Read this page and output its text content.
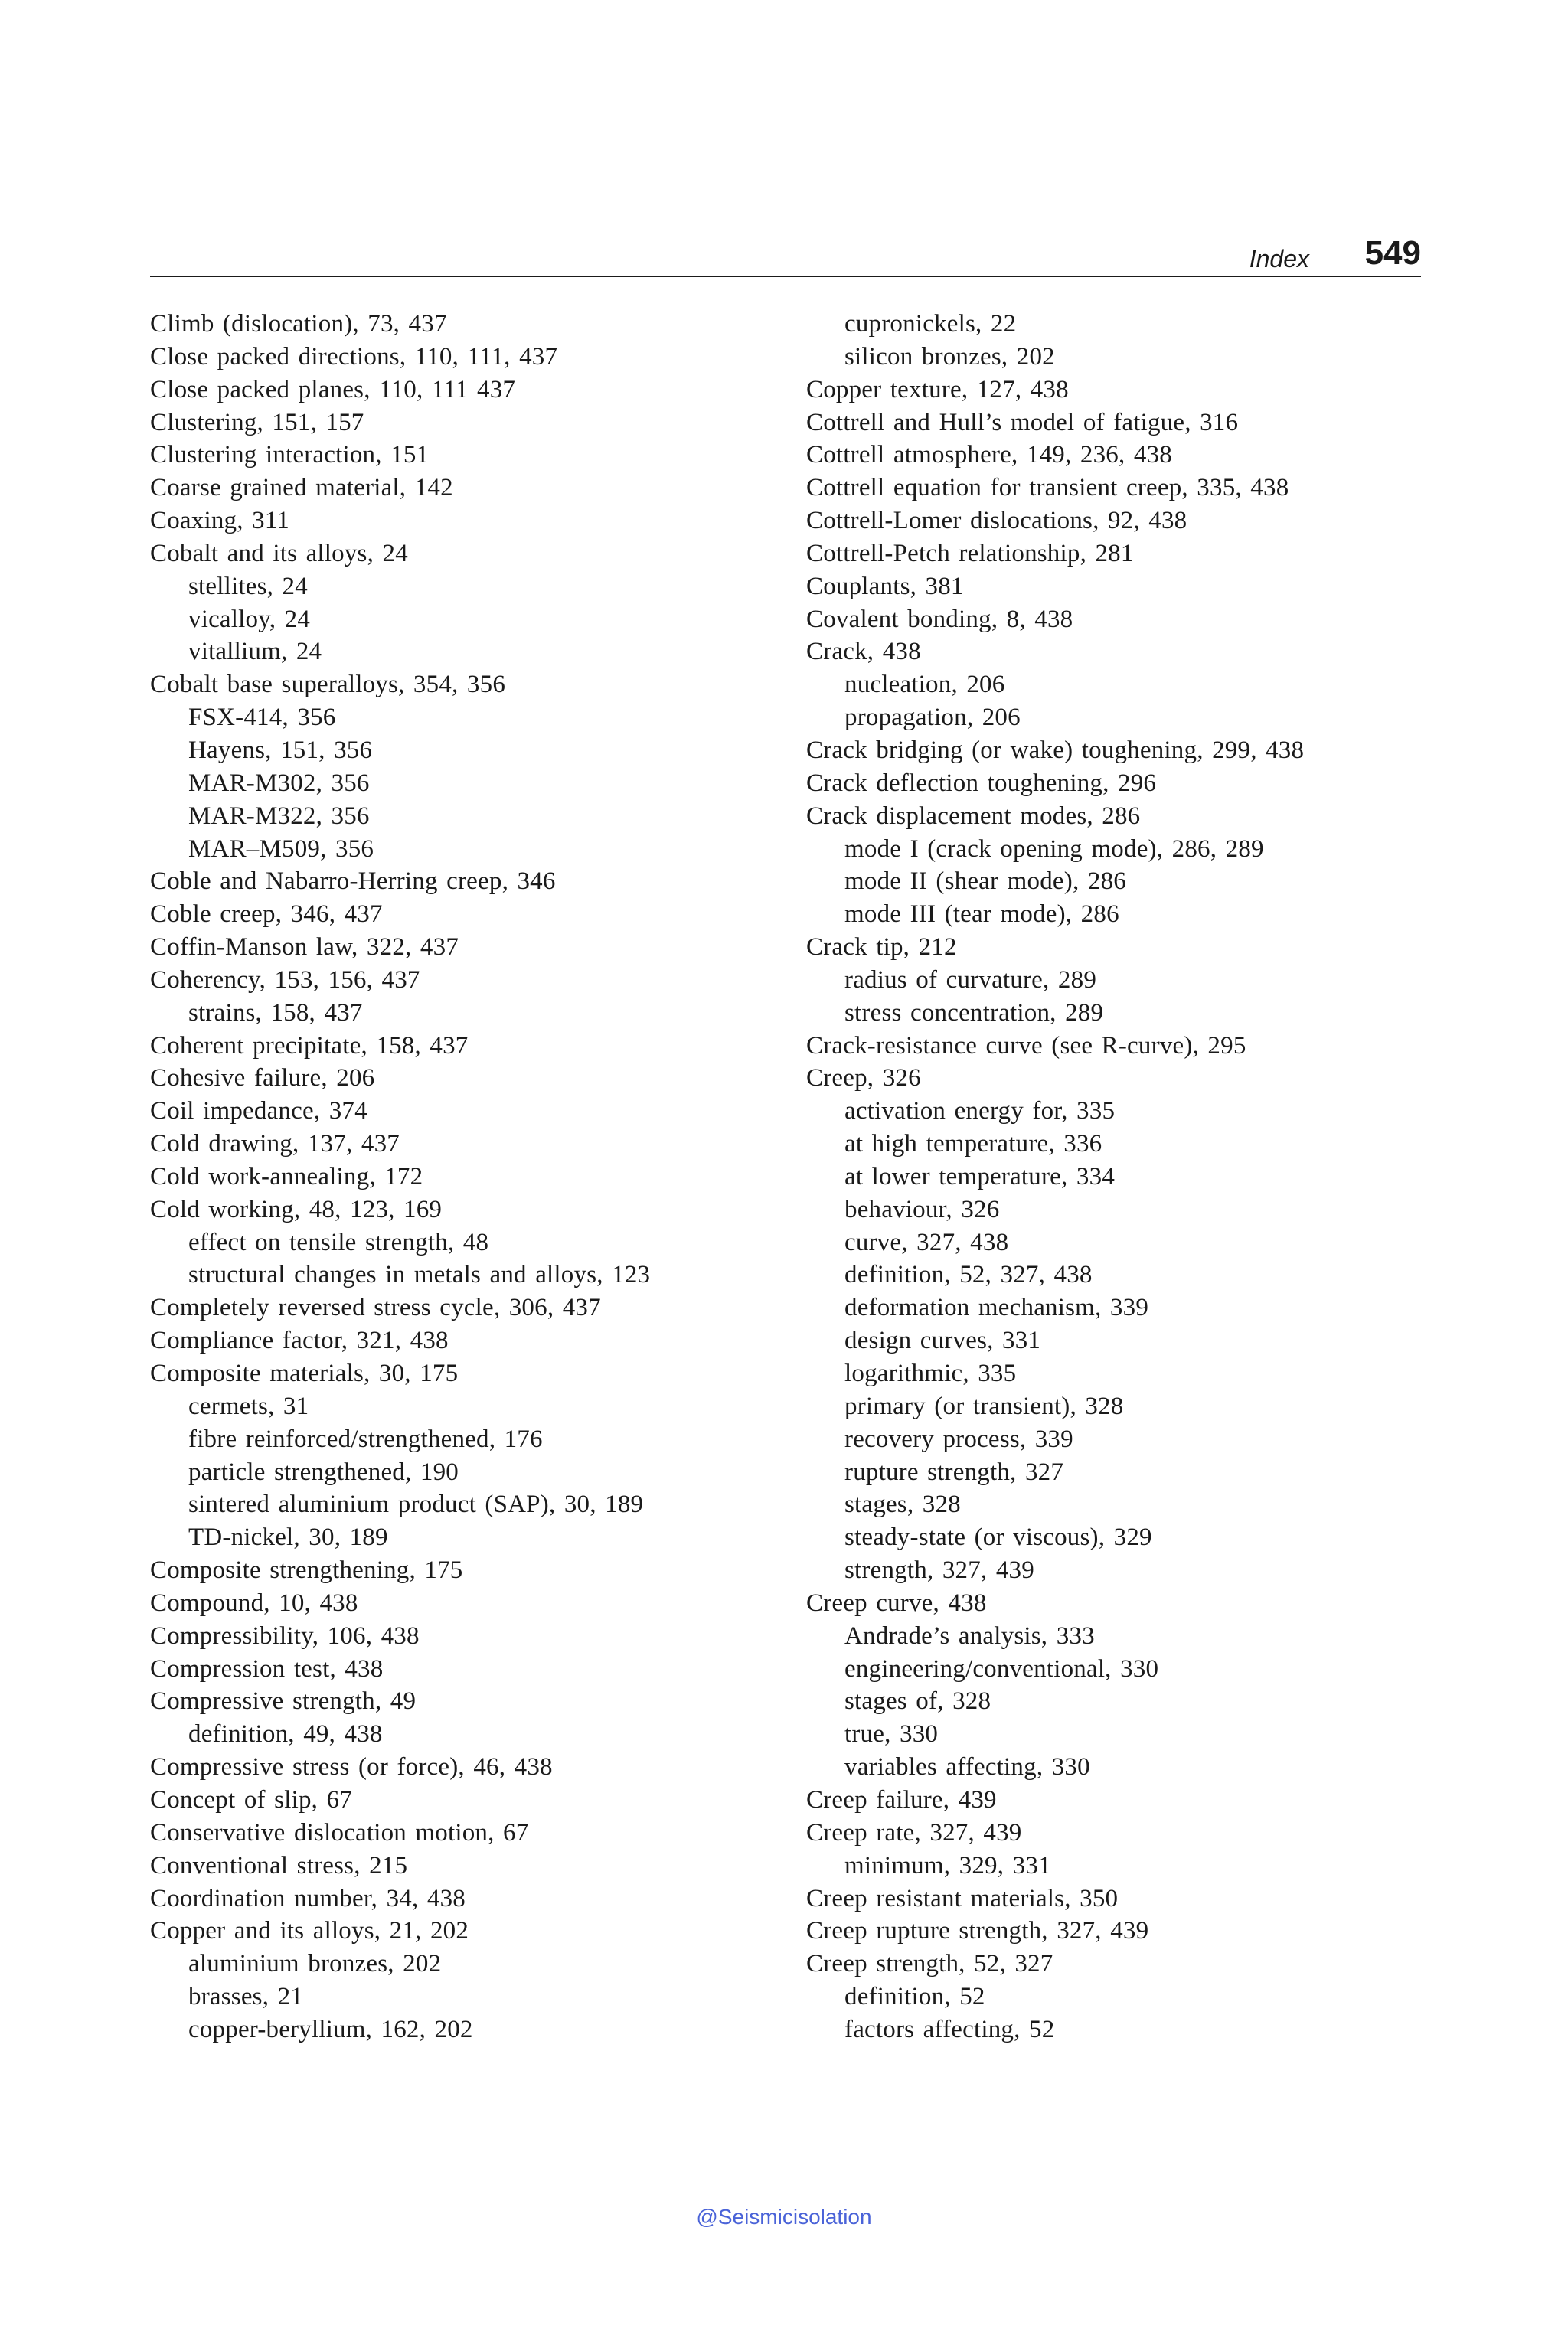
Index 549
Climb (dislocation), 73, 437
Close packed directions, 110, 111, 437
Close packed planes, 110, 111 437
Clustering, 151, 157
Clustering interaction, 151
Coarse grained material, 142
Coaxing, 311
Cobalt and its alloys, 24
stellites, 24
vicalloy, 24
vitallium, 24
Cobalt base superalloys, 354, 356
FSX-414, 356
Hayens, 151, 356
MAR-M302, 356
MAR-M322, 356
MAR–M509, 356
Coble and Nabarro-Herring creep, 346
Coble creep, 346, 437
Coffin-Manson law, 322, 437
Coherency, 153, 156, 437
strains, 158, 437
Coherent precipitate, 158, 437
Cohesive failure, 206
Coil impedance, 374
Cold drawing, 137, 437
Cold work-annealing, 172
Cold working, 48, 123, 169
effect on tensile strength, 48
structural changes in metals and alloys, 123
Completely reversed stress cycle, 306, 437
Compliance factor, 321, 438
Composite materials, 30, 175
cermets, 31
fibre reinforced/strengthened, 176
particle strengthened, 190
sintered aluminium product (SAP), 30, 189
TD-nickel, 30, 189
Composite strengthening, 175
Compound, 10, 438
Compressibility, 106, 438
Compression test, 438
Compressive strength, 49
definition, 49, 438
Compressive stress (or force), 46, 438
Concept of slip, 67
Conservative dislocation motion, 67
Conventional stress, 215
Coordination number, 34, 438
Copper and its alloys, 21, 202
aluminium bronzes, 202
brasses, 21
copper-beryllium, 162, 202
cupronickels, 22
silicon bronzes, 202
Copper texture, 127, 438
Cottrell and Hull’s model of fatigue, 316
Cottrell atmosphere, 149, 236, 438
Cottrell equation for transient creep, 335, 438
Cottrell-Lomer dislocations, 92, 438
Cottrell-Petch relationship, 281
Couplants, 381
Covalent bonding, 8, 438
Crack, 438
nucleation, 206
propagation, 206
Crack bridging (or wake) toughening, 299, 438
Crack deflection toughening, 296
Crack displacement modes, 286
mode I (crack opening mode), 286, 289
mode II (shear mode), 286
mode III (tear mode), 286
Crack tip, 212
radius of curvature, 289
stress concentration, 289
Crack-resistance curve (see R-curve), 295
Creep, 326
activation energy for, 335
at high temperature, 336
at lower temperature, 334
behaviour, 326
curve, 327, 438
definition, 52, 327, 438
deformation mechanism, 339
design curves, 331
logarithmic, 335
primary (or transient), 328
recovery process, 339
rupture strength, 327
stages, 328
steady-state (or viscous), 329
strength, 327, 439
Creep curve, 438
Andrade’s analysis, 333
engineering/conventional, 330
stages of, 328
true, 330
variables affecting, 330
Creep failure, 439
Creep rate, 327, 439
minimum, 329, 331
Creep resistant materials, 350
Creep rupture strength, 327, 439
Creep strength, 52, 327
definition, 52
factors affecting, 52
@Seismicisolation
